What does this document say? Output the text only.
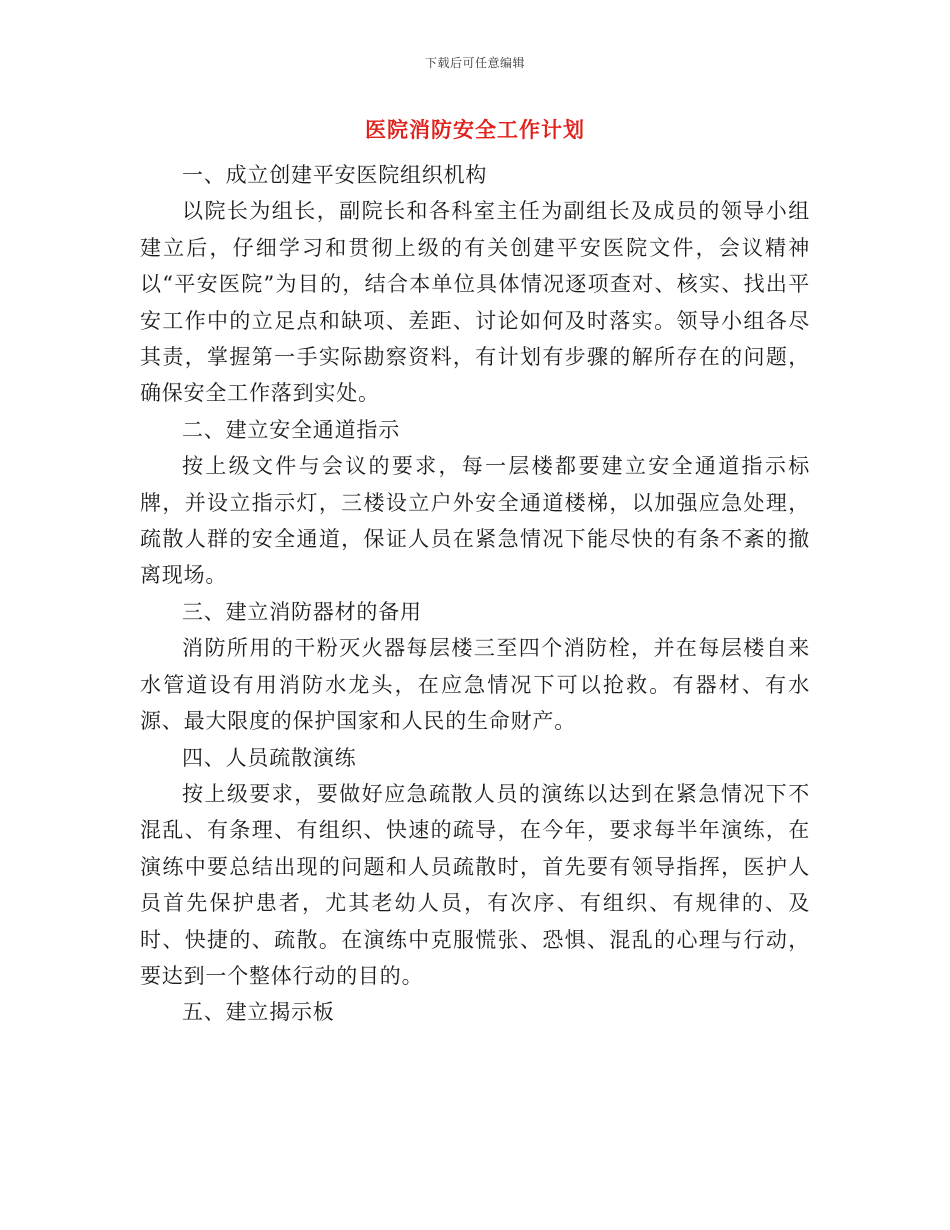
下载后可任意编辑
医院消防安全工作计划

一、成立创建平安医院组织机构

以院长为组长，副院长和各科室主任为副组长及成员的领导小组建立后，仔细学习和贯彻上级的有关创建平安医院文件，会议精神以“平安医院”为目的，结合本单位具体情况逐项查对、核实、找出平安工作中的立足点和缺项、差距、讨论如何及时落实。领导小组各尽其责，掌握第一手实际勘察资料，有计划有步骤的解所存在的问题，确保安全工作落到实处。

二、建立安全通道指示

按上级文件与会议的要求，每一层楼都要建立安全通道指示标牌，并设立指示灯，三楼设立户外安全通道楼梯，以加强应急处理，疏散人群的安全通道，保证人员在紧急情况下能尽快的有条不紊的撤离现场。

三、建立消防器材的备用

消防所用的干粉灭火器每层楼三至四个消防栓，并在每层楼自来水管道设有用消防水龙头，在应急情况下可以抢救。有器材、有水源、最大限度的保护国家和人民的生命财产。

四、人员疏散演练

按上级要求，要做好应急疏散人员的演练以达到在紧急情况下不混乱、有条理、有组织、快速的疏导，在今年，要求每半年演练，在演练中要总结出现的问题和人员疏散时，首先要有领导指挥，医护人员首先保护患者，尤其老幼人员，有次序、有组织、有规律的、及时、快捷的、疏散。在演练中克服慌张、恐惧、混乱的心理与行动，要达到一个整体行动的目的。

五、建立揭示板
